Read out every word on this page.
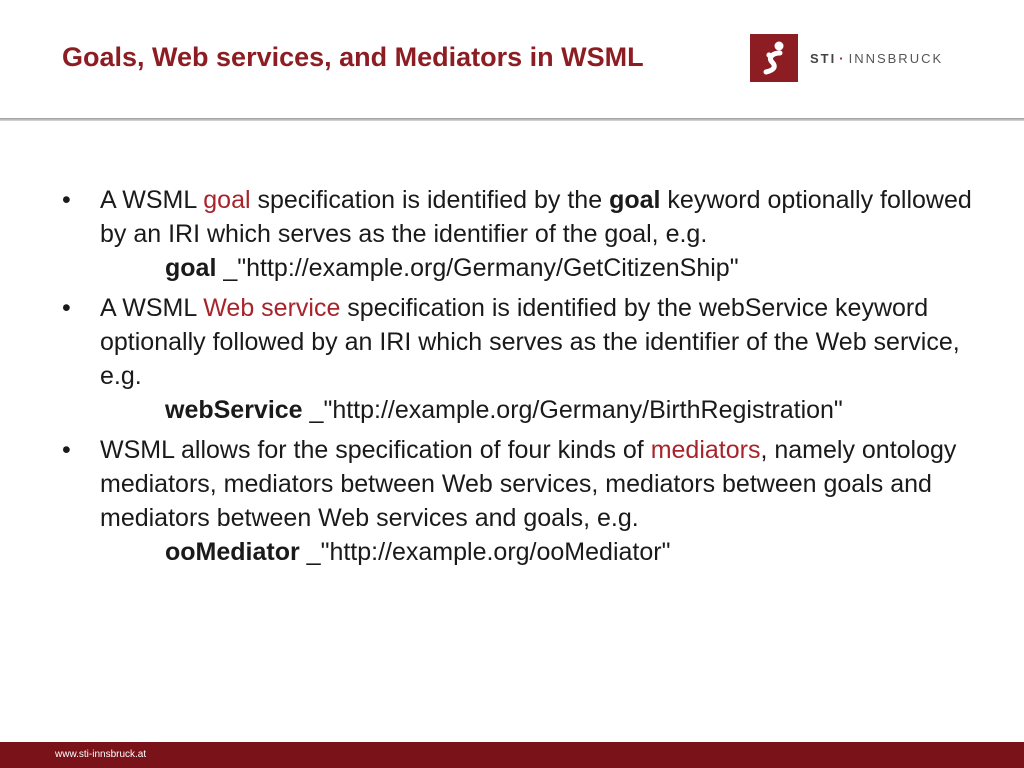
Goals, Web services, and Mediators in WSML	STI · INNSBRUCK

• A WSML goal specification is identified by the goal keyword optionally followed by an IRI which serves as the identifier of the goal, e.g.

goal _"http://example.org/Germany/GetCitizenShip"

• A WSML Web service specification is identified by the webService keyword optionally followed by an IRI which serves as the identifier of the Web service, e.g.

webService _"http://example.org/Germany/BirthRegistration"

• WSML allows for the specification of four kinds of mediators, namely ontology mediators, mediators between Web services, mediators between goals and mediators between Web services and goals, e.g.

ooMediator _"http://example.org/ooMediator"
www.sti-innsbruck.at
